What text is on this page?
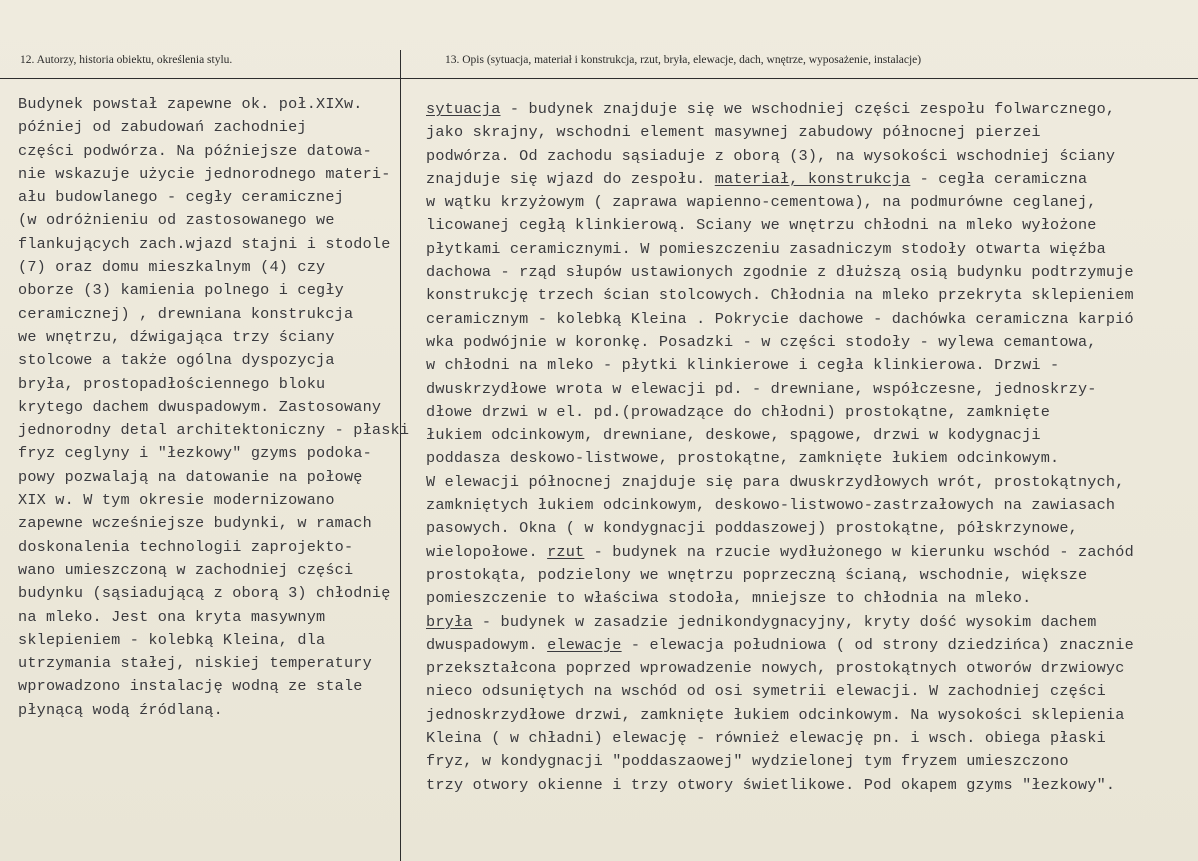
12. Autorzy, historia obiektu, określenia stylu.	13. Opis (sytuacja, materiał i konstrukcja, rzut, bryła, elewacje, dach, wnętrze, wyposażenie, instalacje)
Budynek powstał zapewne ok. poł.XIXw.
później od zabudowań zachodniej
części podwórza. Na późniejsze datowa-
nie wskazuje użycie jednorodnego materi-
ału budowlanego - cegły ceramicznej
(w odróżnieniu od zastosowanego we
flankujących zach.wjazd stajni i stodole
(7) oraz domu mieszkalnym (4) czy
oborze (3) kamienia polnego i cegły
ceramicznej) , drewniana konstrukcja
we wnętrzu, dźwigająca trzy ściany
stolcowe a także ogólna dyspozycja
bryła, prostopadłościennego bloku
krytego dachem dwuspadowym. Zastosowany
jednorodny detal architektoniczny - płaski
fryz ceglyny i "łezkowy" gzyms podoka-
powy pozwalają na datowanie na połowę
XIX w. W tym okresie modernizowano
zapewne wcześniejsze budynki, w ramach
doskonalenia technologii zaprojekto-
wano umieszczoną w zachodniej części
budynku (sąsiadującą z oborą 3) chłodnię
na mleko. Jest ona kryta masywnym
sklepieniem - kolebką Kleina, dla
utrzymania stałej, niskiej temperatury
wprowadzono instalację wodną ze stale
płynącą wodą źródlaną.
sytuacja - budynek znajduje się we wschodniej części zespołu folwarcznego,
jako skrajny, wschodni element masywnej zabudowy północnej pierzei
podwórza. Od zachodu sąsiaduje z oborą (3), na wysokości wschodniej ściany
znajduje się wjazd do zespołu. materiał, konstrukcja - cegła ceramiczna
w wątku krzyżowym ( zaprawa wapienno-cementowa), na podmurówne ceglanej,
licowanej cegłą klinkierową. Sciany we wnętrzu chłodni na mleko wyłożone
płytkami ceramicznymi. W pomieszczeniu zasadniczym stodoły otwarta więźba
dachowa - rząd słupów ustawionych zgodnie z dłuższą osią budynku podtrzymuje
konstrukcję trzech ścian stolcowych. Chłodnia na mleko przekryta sklepieniem
ceramicznym - kolebką Kleina . Pokrycie dachowe - dachówka ceramiczna karpió
wka podwójnie w koronkę. Posadzki - w części stodoły - wylewa cemantowa,
w chłodni na mleko - płytki klinkierowe i cegła klinkierowa. Drzwi -
dwuskrzydłowe wrota w elewacji pd. - drewniane, współczesne, jednoskrzy-
dłowe drzwi w el. pd.(prowadzące do chłodni) prostokątne, zamknięte
łukiem odcinkowym, drewniane, deskowe, spągowe, drzwi w kodygnacji
poddasza deskowo-listwowe, prostokątne, zamknięte łukiem odcinkowym.
W elewacji północnej znajduje się para dwuskrzydłowych wrót, prostokątnych,
zamkniętych łukiem odcinkowym, deskowo-listwowo-zastrzałowych na zawiasach
pasowych. Okna ( w kondygnacji poddaszowej) prostokątne, półskrzynowe,
wielopołowe. rzut - budynek na rzucie wydłużonego w kierunku wschód - zachód
prostokąta, podzielony we wnętrzu poprzeczną ścianą, wschodnie, większe
pomieszczenie to właściwa stodoła, mniejsze to chłodnia na mleko.
bryła - budynek w zasadzie jednikondygnacyjny, kryty dość wysokim dachem
dwuspadowym. elewacje - elewacja południowa ( od strony dziedzińca) znacznie
przekształcona poprzed wprowadzenie nowych, prostokątnych otworów drzwiowyc
nieco odsuniętych na wschód od osi symetrii elewacji. W zachodniej części
jednoskrzydłowe drzwi, zamknięte łukiem odcinkowym. Na wysokości sklepienia
Kleina ( w chładni) elewację - również elewację pn. i wsch. obiega płaski
fryz, w kondygnacji "poddaszaowej" wydzielonej tym fryzem umieszczono
trzy otwory okienne i trzy otwory świetlikowe. Pod okapem gzyms "łezkowy".
